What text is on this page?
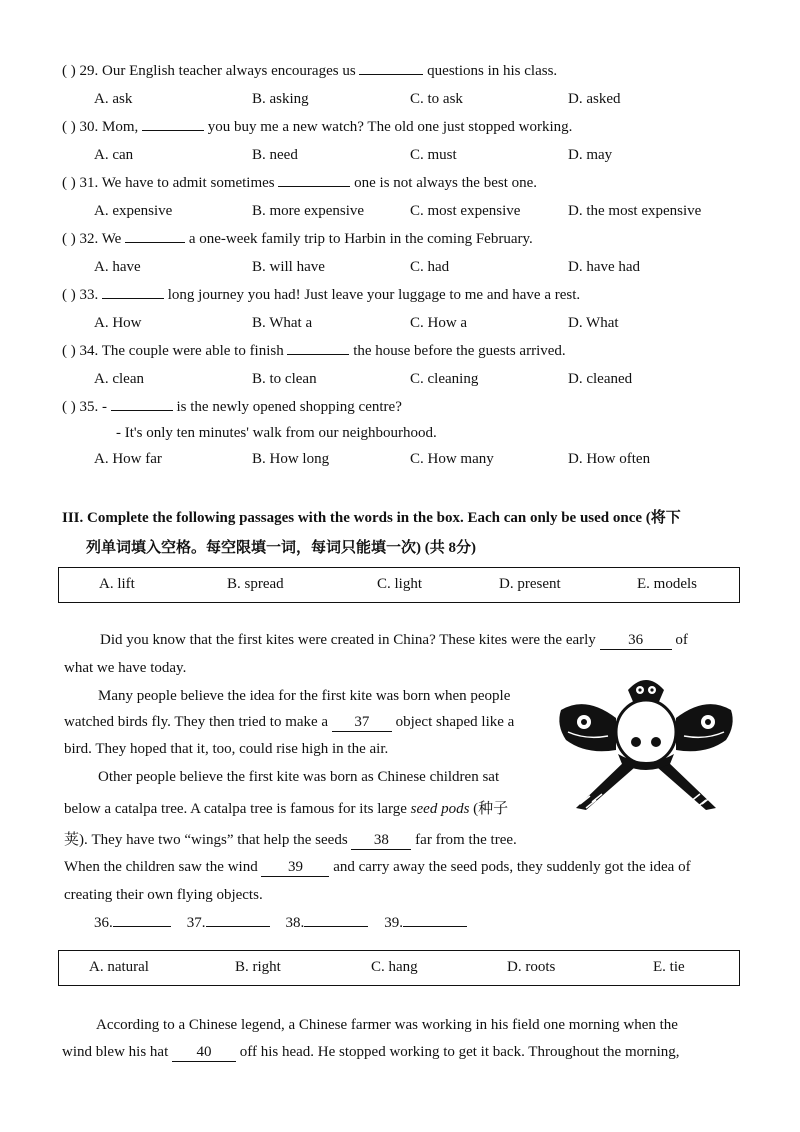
( ) 29. Our English teacher always encourages us	questions in his class.
A. ask	B. asking	C. to ask	D. asked
( ) 30. Mom,	you buy me a new watch? The old one just stopped working.
A. can	B. need	C. must	D. may
( ) 31. We have to admit sometimes	one is not always the best one.
A. expensive	B. more expensive	C. most expensive	D. the most expensive
( ) 32. We	a one-week family trip to Harbin in the coming February.
A. have	B. will have	C. had	D. have had
( ) 33.	long journey you had! Just leave your luggage to me and have a rest.
A. How	B. What a	C. How a	D. What
( ) 34. The couple were able to finish	the house before the guests arrived.
A. clean	B. to clean	C. cleaning	D. cleaned
( ) 35. -	is the newly opened shopping centre?
- It's only ten minutes' walk from our neighbourhood.
A. How far	B. How long	C. How many	D. How often
III. Complete the following passages with the words in the box. Each can only be used once (将下
列单词填入空格。每空限填一词，每词只能填一次) (共 8分)
A. lift	B. spread	C. light	D. present	E. models
Did you know that the first kites were created in China? These kites were the early 36 of
what we have today.
Many people believe the idea for the first kite was born when people
watched birds fly. They then tried to make a 37 object shaped like a
bird. They hoped that it, too, could rise high in the air.
Other people believe the first kite was born as Chinese children sat
below a catalpa tree. A catalpa tree is famous for its large seed pods (种子
荚). They have two “wings” that help the seeds 38 far from the tree.
When the children saw the wind 39 and carry away the seed pods, they suddenly got the idea of
creating their own flying objects.
36.	37.	38.	39.
A. natural	B. right	C. hang	D. roots	E. tie
According to a Chinese legend, a Chinese farmer was working in his field one morning when the
wind blew his hat 40 off his head. He stopped working to get it back. Throughout the morning,
